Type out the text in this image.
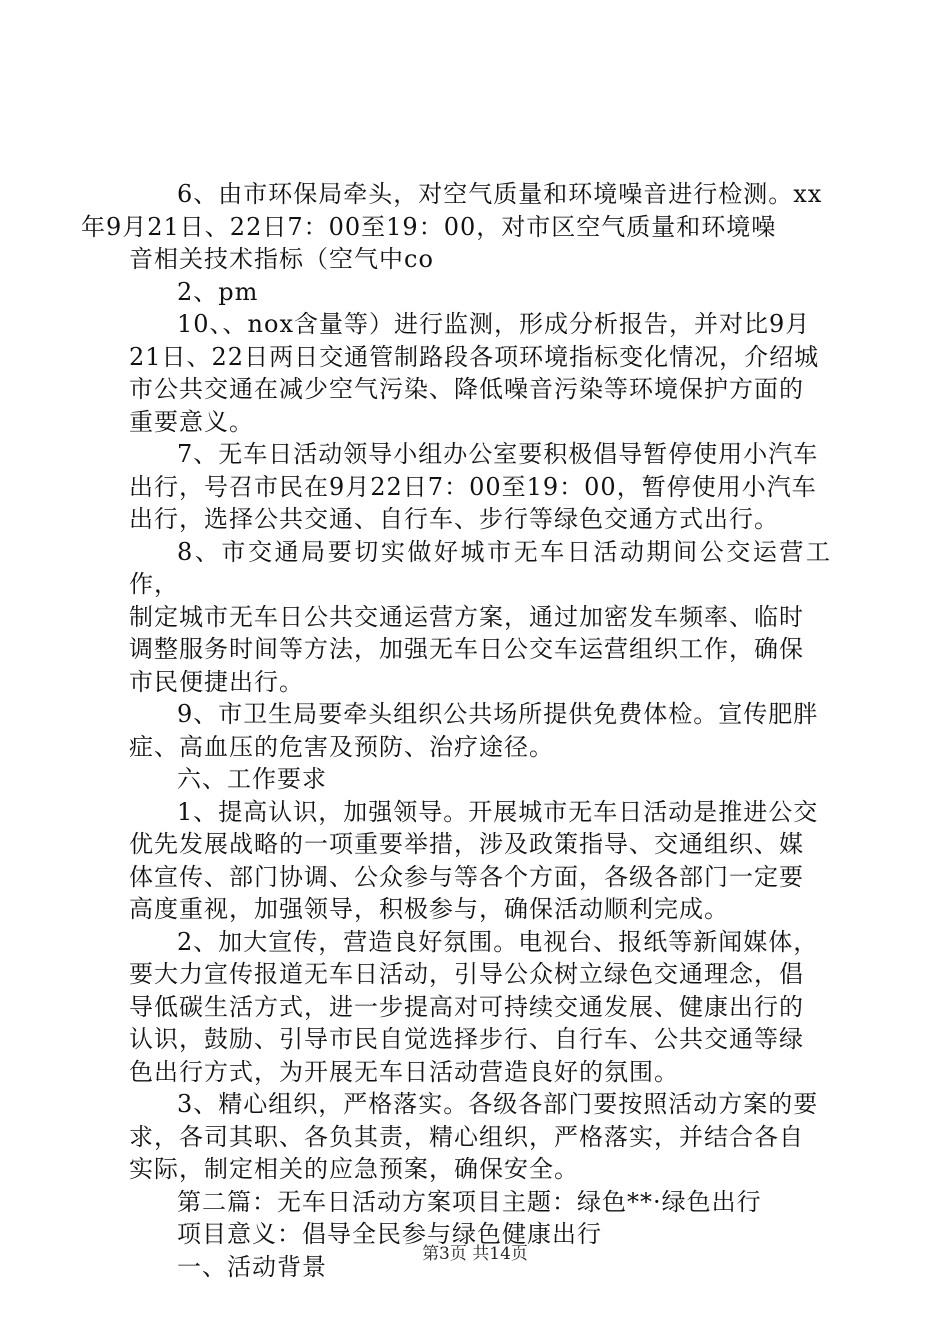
6、由市环保局牵头，对空气质量和环境噪音进行检测。xx
年9月21日、22日7：00至19：00，对市区空气质量和环境噪
音相关技术指标（空气中co

2、pm

10、、nox含量等）进行监测，形成分析报告，并对比9月
21日、22日两日交通管制路段各项环境指标变化情况，介绍城
市公共交通在减少空气污染、降低噪音污染等环境保护方面的
重要意义。

7、无车日活动领导小组办公室要积极倡导暂停使用小汽车
出行，号召市民在9月22日7：00至19：00，暂停使用小汽车
出行，选择公共交通、自行车、步行等绿色交通方式出行。

8、市交通局要切实做好城市无车日活动期间公交运营工作，
制定城市无车日公共交通运营方案，通过加密发车频率、临时
调整服务时间等方法，加强无车日公交车运营组织工作，确保
市民便捷出行。

9、市卫生局要牵头组织公共场所提供免费体检。宣传肥胖
症、高血压的危害及预防、治疗途径。

六、工作要求

1、提高认识，加强领导。开展城市无车日活动是推进公交
优先发展战略的一项重要举措，涉及政策指导、交通组织、媒
体宣传、部门协调、公众参与等各个方面，各级各部门一定要
高度重视，加强领导，积极参与，确保活动顺利完成。

2、加大宣传，营造良好氛围。电视台、报纸等新闻媒体，
要大力宣传报道无车日活动，引导公众树立绿色交通理念，倡
导低碳生活方式，进一步提高对可持续交通发展、健康出行的
认识，鼓励、引导市民自觉选择步行、自行车、公共交通等绿
色出行方式，为开展无车日活动营造良好的氛围。

3、精心组织，严格落实。各级各部门要按照活动方案的要
求，各司其职、各负其责，精心组织，严格落实，并结合各自
实际，制定相关的应急预案，确保安全。

第二篇：无车日活动方案项目主题：绿色**·绿色出行

项目意义：倡导全民参与绿色健康出行

一、活动背景	第3页 共14页
